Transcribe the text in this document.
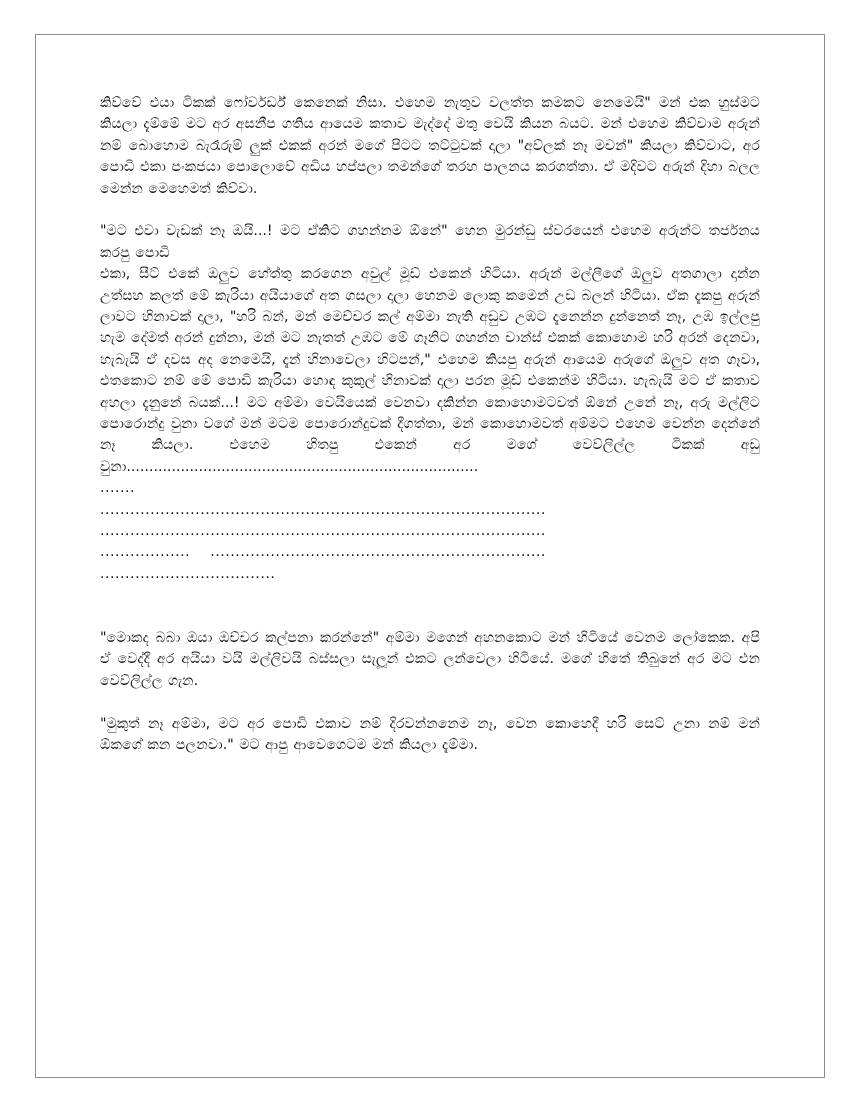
කිව්වේ එයා ටිකක් ෆෝර්වර්ඩ් කෙනෙක් නිසා. එහෙම නැතුව වලත්ත කමකට නෙමෙයි" මන් එක හුස්මට කියලා දැම්මේ මට අර අසනීප ගතිය ආයෙම කතාව මැද්දේ මතු වෙයි කියන බයට. මන් එහෙම කිව්වාම අරුන් නම් බොහොම බැරෑරුම් ලුක් එකක් අරන් මගේ පිටට තට්ටුවක් දාලා "අව්ලක් නෑ මචන්" කියලා කිව්වාට, අර පොඩි එකා පංකජයා පොලොවේ අඩිය හප්පලා තමන්ගේ තරහ පාලනය කරගත්තා. ඒ මදිවට අරුන් දිහා බලල මෙන්න මෙහෙමත් කිව්වා.

"මට එවා වැඩක් නෑ ඔයි...! මට ඒකිට ගහන්නම ඕනේ" හෙන මුරන්ඩු ස්වරයෙන් එහෙම අරුන්ට තර්ජනය කරපු පොඩි
එකා, සීට් එකේ ඔලුව හේත්තු කරගෙන අවුල් මූඩ් එකෙන් හිටියා. අරුන් මල්ලීගේ ඔලුව අතගාලා දාන්න උත්සහ කලත් මේ කැරියා අයියාගේ අත ගසලා දාලා හෙනම ලොකු කමෙන් උඩ බලන් හිටියා. ඒක දැකපු අරුන් ලාවට හිනාවක් දාලා, "හරි බන්, මන් මෙච්චර කල් අම්මා නැති අඩුව උඹට දැනෙන්න දුන්නෙත් නෑ, උඹ ඉල්ලපු හැම දේමත් අරන් දුන්නා, මන් මට නැතත් උඹට මේ ගෑනිට ගහන්න චාන්ස් එකක් කොහොම හරි අරන් දෙනවා, හැබැයි ඒ දවස අද නෙමෙයි, දැන් හිනාවෙලා හිටපන්," එහෙම කියපු අරුන් ආයෙම අරුගේ ඔලුව අත ගෑවා, එතකොට නම් මේ පොඩි කැරියා හොඳ කුකුල් හිනාවක් දාලා පරන මූඩ් එකෙන්ම හිටියා. හැබැයි මට ඒ කතාව අහලා දැනුනේ බයක්...! මට අම්මා වෙයියෙක් වෙනවා දකින්න කොහොමටවත් ඕනේ උනේ නෑ, අරු මල්ලිට පොරොන්දු වුනා වගේ මන් මටම පොරොන්දුවක් දීගත්තා, මන් කොහොමවත් අම්මට එහෙම වෙන්න දෙන්නේ නෑ කියලා. එහෙම හිතපු එකෙන් අර මගේ වෙව්ලිල්ල ටිකක් අඩු වුනා..............................................................................

.......
.........................................................................................
.........................................................................................
..................    ...................................................................
...................................

"මොකද බබා ඔයා ඔච්චර කල්පනා කරන්නේ" අම්මා මගෙන් අහනකොට මන් හිටියේ වෙනම ලෝකෙක. අපි ඒ වෙද්දී අර අයියා වයි මල්ලිවයි බස්සලා සැලූන් එකට ලන්වෙලා හිටියේ. මගේ හිතේ තිබුනේ අර මට එන වෙව්ලිල්ල ගැන.

"මුකුත් නෑ අම්මා, මට අර පොඩි එකාව නම් දිරවන්නනෙම නෑ, වෙන කොහෙදී හරි සෙට් උනා නම් මන් ඕකගේ කන පලනවා." මට ආපු ආවෙගෙටම මන් කියලා දැම්මා.
